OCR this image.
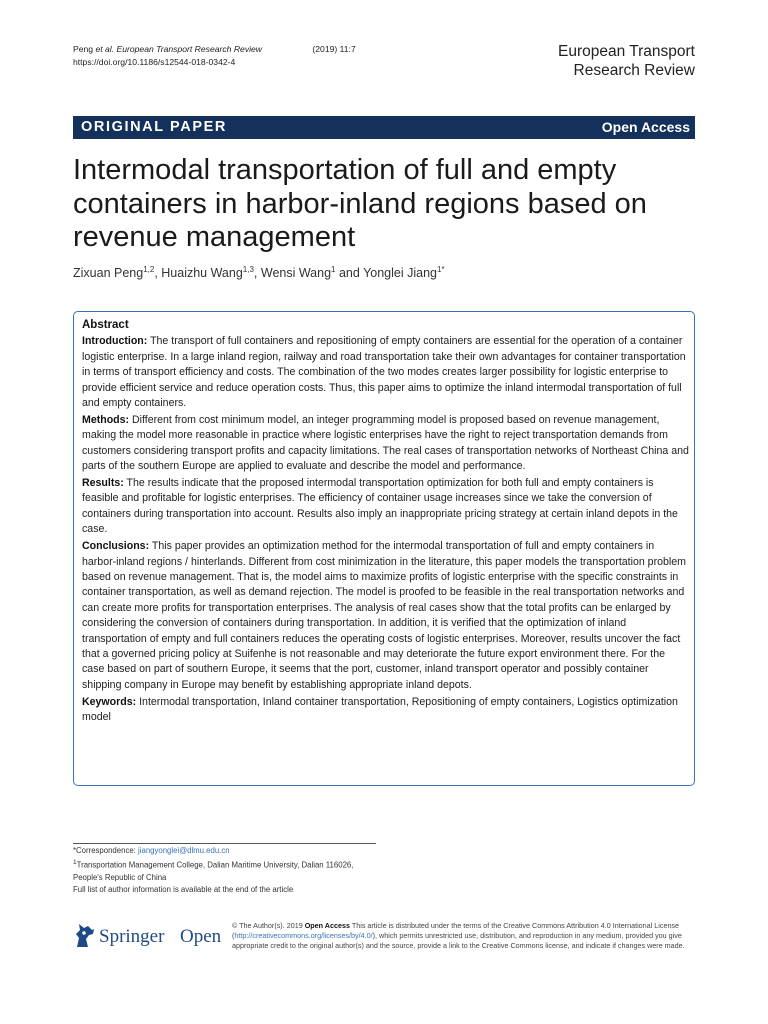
Peng et al. European Transport Research Review	(2019) 11:7
https://doi.org/10.1186/s12544-018-0342-4
European Transport
Research Review
ORIGINAL PAPER	Open Access
Intermodal transportation of full and empty containers in harbor-inland regions based on revenue management
Zixuan Peng$^{1,2}$, Huaizhu Wang$^{1,3}$, Wensi Wang$^1$ and Yonglei Jiang$^{1*}$
Abstract

Introduction: The transport of full containers and repositioning of empty containers are essential for the operation of a container logistic enterprise. In a large inland region, railway and road transportation take their own advantages for container transportation in terms of transport efficiency and costs. The combination of the two modes creates larger possibility for logistic enterprise to provide efficient service and reduce operation costs. Thus, this paper aims to optimize the inland intermodal transportation of full and empty containers.

Methods: Different from cost minimum model, an integer programming model is proposed based on revenue management, making the model more reasonable in practice where logistic enterprises have the right to reject transportation demands from customers considering transport profits and capacity limitations. The real cases of transportation networks of Northeast China and parts of the southern Europe are applied to evaluate and describe the model and performance.

Results: The results indicate that the proposed intermodal transportation optimization for both full and empty containers is feasible and profitable for logistic enterprises. The efficiency of container usage increases since we take the conversion of containers during transportation into account. Results also imply an inappropriate pricing strategy at certain inland depots in the case.

Conclusions: This paper provides an optimization method for the intermodal transportation of full and empty containers in harbor-inland regions / hinterlands. Different from cost minimization in the literature, this paper models the transportation problem based on revenue management. That is, the model aims to maximize profits of logistic enterprise with the specific constraints in container transportation, as well as demand rejection. The model is proofed to be feasible in the real transportation networks and can create more profits for transportation enterprises. The analysis of real cases show that the total profits can be enlarged by considering the conversion of containers during transportation. In addition, it is verified that the optimization of inland transportation of empty and full containers reduces the operating costs of logistic enterprises. Moreover, results uncover the fact that a governed pricing policy at Suifenhe is not reasonable and may deteriorate the future export environment there. For the case based on part of southern Europe, it seems that the port, customer, inland transport operator and possibly container shipping company in Europe may benefit by establishing appropriate inland depots.

Keywords: Intermodal transportation, Inland container transportation, Repositioning of empty containers, Logistics optimization model

*Correspondence: jiangyonglei@dlmu.edu.cn
$^1$Transportation Management College, Dalian Maritime University, Dalian 116026, People's Republic of China
Full list of author information is available at the end of the article
Springer Open
© The Author(s). 2019 Open Access This article is distributed under the terms of the Creative Commons Attribution 4.0 International License (http://creativecommons.org/licenses/by/4.0/), which permits unrestricted use, distribution, and reproduction in any medium, provided you give appropriate credit to the original author(s) and the source, provide a link to the Creative Commons license, and indicate if changes were made.
